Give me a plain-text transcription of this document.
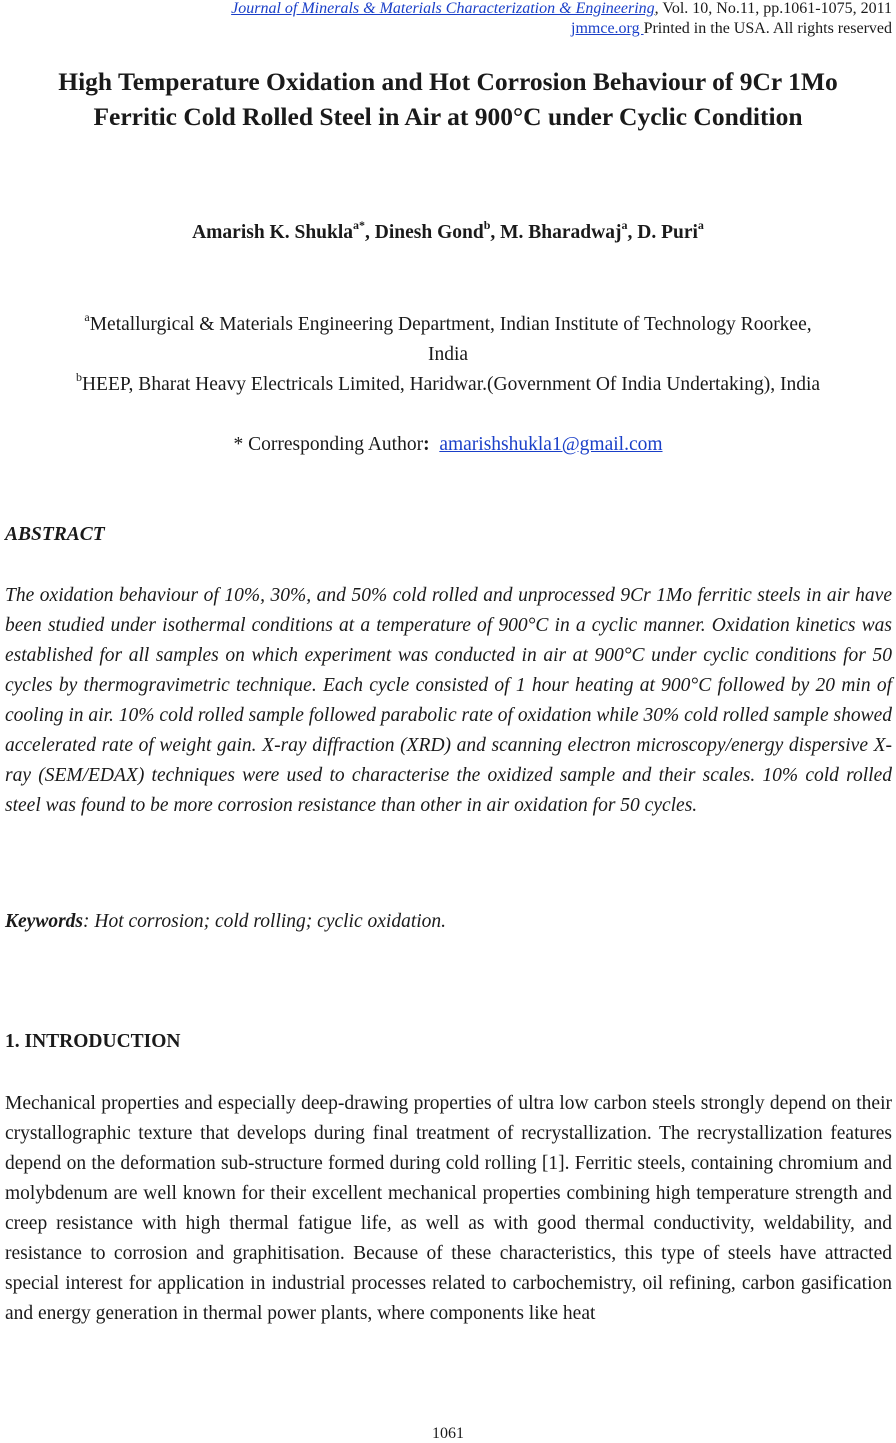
Journal of Minerals & Materials Characterization & Engineering, Vol. 10, No.11, pp.1061-1075, 2011
jmmce.org Printed in the USA. All rights reserved
High Temperature Oxidation and Hot Corrosion Behaviour of 9Cr 1Mo
Ferritic Cold Rolled Steel in Air at 900°C under Cyclic Condition
Amarish K. Shukla$^{a*}$, Dinesh Gond$^b$, M. Bharadwaj$^a$, D. Puri$^a$
$^a$Metallurgical & Materials Engineering Department, Indian Institute of Technology Roorkee,
India
$^b$HEEP, Bharat Heavy Electricals Limited, Haridwar.(Government Of India Undertaking), India
* Corresponding Author: amarishshukla1@gmail.com
ABSTRACT

The oxidation behaviour of 10%, 30%, and 50% cold rolled and unprocessed 9Cr 1Mo ferritic steels in air have been studied under isothermal conditions at a temperature of 900°C in a cyclic manner. Oxidation kinetics was established for all samples on which experiment was conducted in air at 900°C under cyclic conditions for 50 cycles by thermogravimetric technique. Each cycle consisted of 1 hour heating at 900°C followed by 20 min of cooling in air. 10% cold rolled sample followed parabolic rate of oxidation while 30% cold rolled sample showed accelerated rate of weight gain. X-ray diffraction (XRD) and scanning electron microscopy/energy dispersive X-ray (SEM/EDAX) techniques were used to characterise the oxidized sample and their scales. 10% cold rolled steel was found to be more corrosion resistance than other in air oxidation for 50 cycles.

Keywords: Hot corrosion; cold rolling; cyclic oxidation.
1. INTRODUCTION

Mechanical properties and especially deep-drawing properties of ultra low carbon steels strongly depend on their crystallographic texture that develops during final treatment of recrystallization. The recrystallization features depend on the deformation sub-structure formed during cold rolling [1]. Ferritic steels, containing chromium and molybdenum are well known for their excellent mechanical properties combining high temperature strength and creep resistance with high thermal fatigue life, as well as with good thermal conductivity, weldability, and resistance to corrosion and graphitisation. Because of these characteristics, this type of steels have attracted special interest for application in industrial processes related to carbochemistry, oil refining, carbon gasification and energy generation in thermal power plants, where components like heat

1061
